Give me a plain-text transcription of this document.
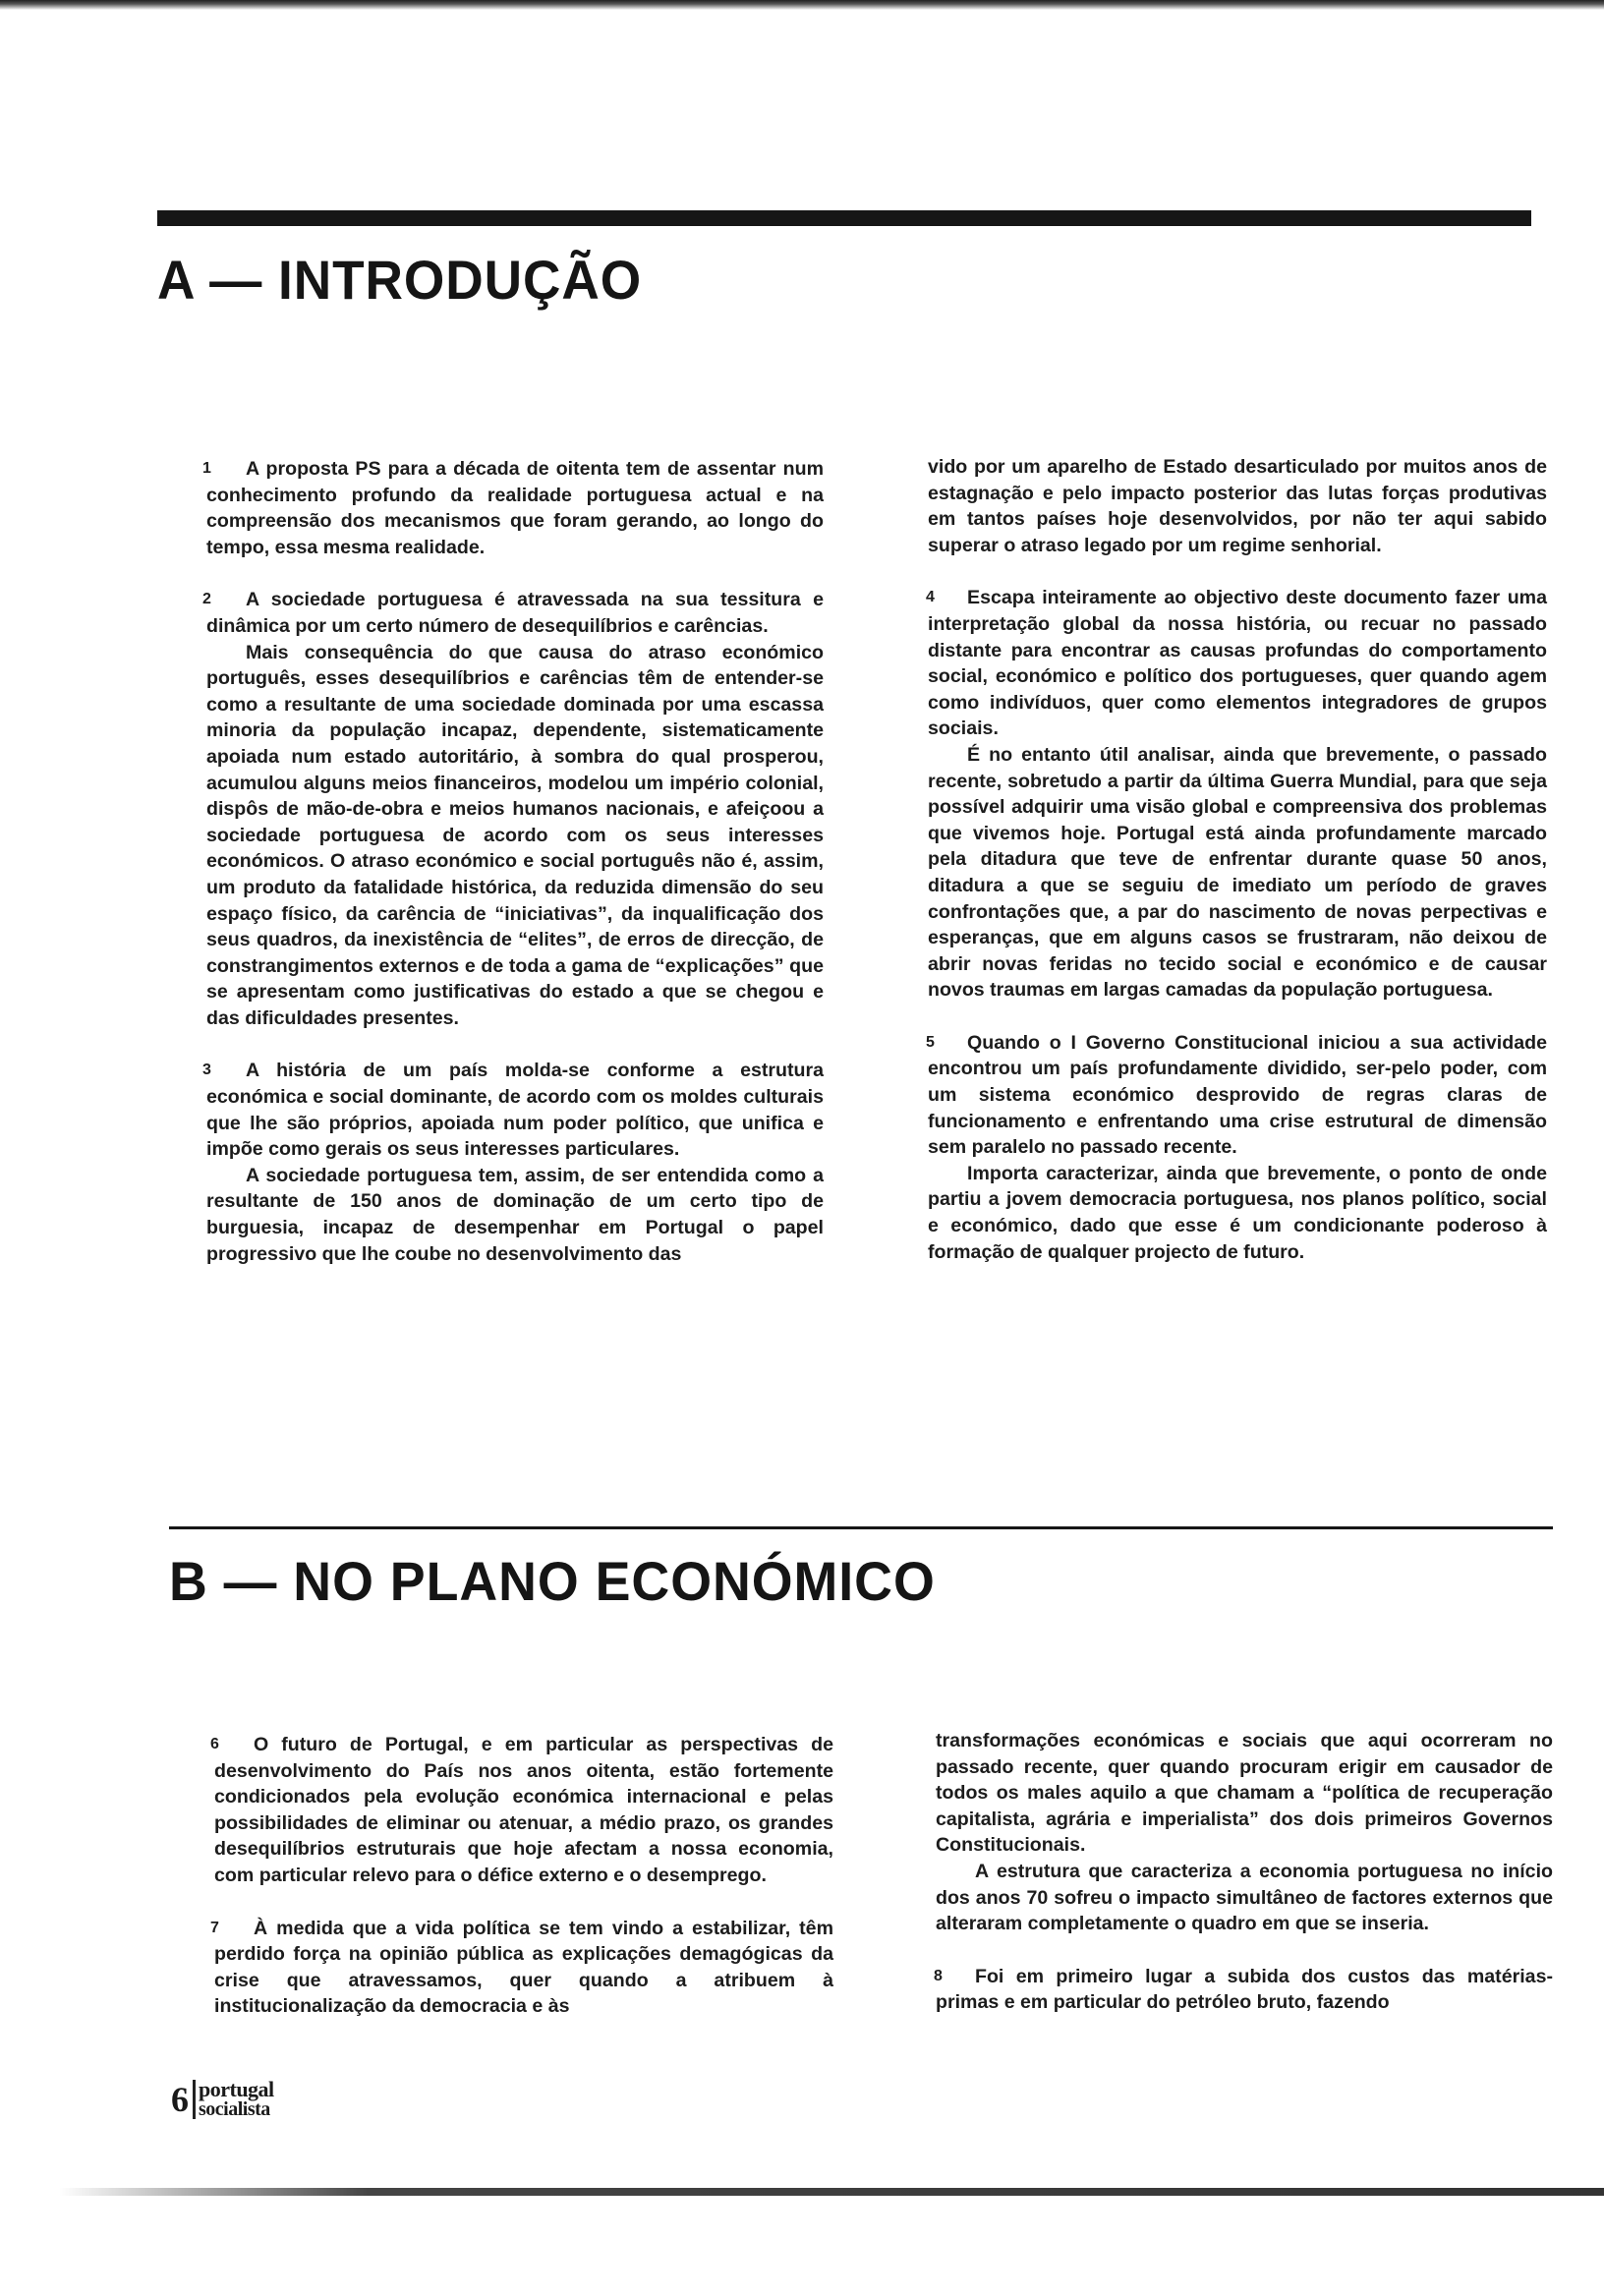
A — INTRODUÇÃO

1 A proposta PS para a década de oitenta tem de assentar num conhecimento profundo da realidade portuguesa actual e na compreensão dos mecanismos que foram gerando, ao longo do tempo, essa mesma realidade.

2 A sociedade portuguesa é atravessada na sua tessitura e dinâmica por um certo número de desequilíbrios e carências.

Mais consequência do que causa do atraso económico português, esses desequilíbrios e carências têm de entender-se como a resultante de uma sociedade dominada por uma escassa minoria da população incapaz, dependente, sistematicamente apoiada num estado autoritário, à sombra do qual prosperou, acumulou alguns meios financeiros, modelou um império colonial, dispôs de mão-de-obra e meios humanos nacionais, e afeiçoou a sociedade portuguesa de acordo com os seus interesses económicos. O atraso económico e social português não é, assim, um produto da fatalidade histórica, da reduzida dimensão do seu espaço físico, da carência de “iniciativas”, da inqualificação dos seus quadros, da inexistência de “elites”, de erros de direcção, de constrangimentos externos e de toda a gama de “explicações” que se apresentam como justificativas do estado a que se chegou e das dificuldades presentes.

3 A história de um país molda-se conforme a estrutura económica e social dominante, de acordo com os moldes culturais que lhe são próprios, apoiada num poder político, que unifica e impõe como gerais os seus interesses particulares.

A sociedade portuguesa tem, assim, de ser entendida como a resultante de 150 anos de dominação de um certo tipo de burguesia, incapaz de desempenhar em Portugal o papel progressivo que lhe coube no desenvolvimento das

vido por um aparelho de Estado desarticulado por muitos anos de estagnação e pelo impacto posterior das lutas forças produtivas em tantos países hoje desenvolvidos, por não ter aqui sabido superar o atraso legado por um regime senhorial.

4 Escapa inteiramente ao objectivo deste documento fazer uma interpretação global da nossa história, ou recuar no passado distante para encontrar as causas profundas do comportamento social, económico e político dos portugueses, quer quando agem como indivíduos, quer como elementos integradores de grupos sociais.

É no entanto útil analisar, ainda que brevemente, o passado recente, sobretudo a partir da última Guerra Mundial, para que seja possível adquirir uma visão global e compreensiva dos problemas que vivemos hoje. Portugal está ainda profundamente marcado pela ditadura que teve de enfrentar durante quase 50 anos, ditadura a que se seguiu de imediato um período de graves confrontações que, a par do nascimento de novas perpectivas e esperanças, que em alguns casos se frustraram, não deixou de abrir novas feridas no tecido social e económico e de causar novos traumas em largas camadas da população portuguesa.

5 Quando o I Governo Constitucional iniciou a sua actividade encontrou um país profundamente dividido, ser-pelo poder, com um sistema económico desprovido de regras claras de funcionamento e enfrentando uma crise estrutural de dimensão sem paralelo no passado recente.

Importa caracterizar, ainda que brevemente, o ponto de onde partiu a jovem democracia portuguesa, nos planos político, social e económico, dado que esse é um condicionante poderoso à formação de qualquer projecto de futuro.

B — NO PLANO ECONÓMICO

6 O futuro de Portugal, e em particular as perspectivas de desenvolvimento do País nos anos oitenta, estão fortemente condicionados pela evolução económica internacional e pelas possibilidades de eliminar ou atenuar, a médio prazo, os grandes desequilíbrios estruturais que hoje afectam a nossa economia, com particular relevo para o défice externo e o desemprego.

7 À medida que a vida política se tem vindo a estabilizar, têm perdido força na opinião pública as explicações demagógicas da crise que atravessamos, quer quando a atribuem à institucionalização da democracia e às

transformações económicas e sociais que aqui ocorreram no passado recente, quer quando procuram erigir em causador de todos os males aquilo a que chamam a “política de recuperação capitalista, agrária e imperialista” dos dois primeiros Governos Constitucionais.

A estrutura que caracteriza a economia portuguesa no início dos anos 70 sofreu o impacto simultâneo de factores externos que alteraram completamente o quadro em que se inseria.

8 Foi em primeiro lugar a subida dos custos das matérias-primas e em particular do petróleo bruto, fazendo

6 portugal
socialista
